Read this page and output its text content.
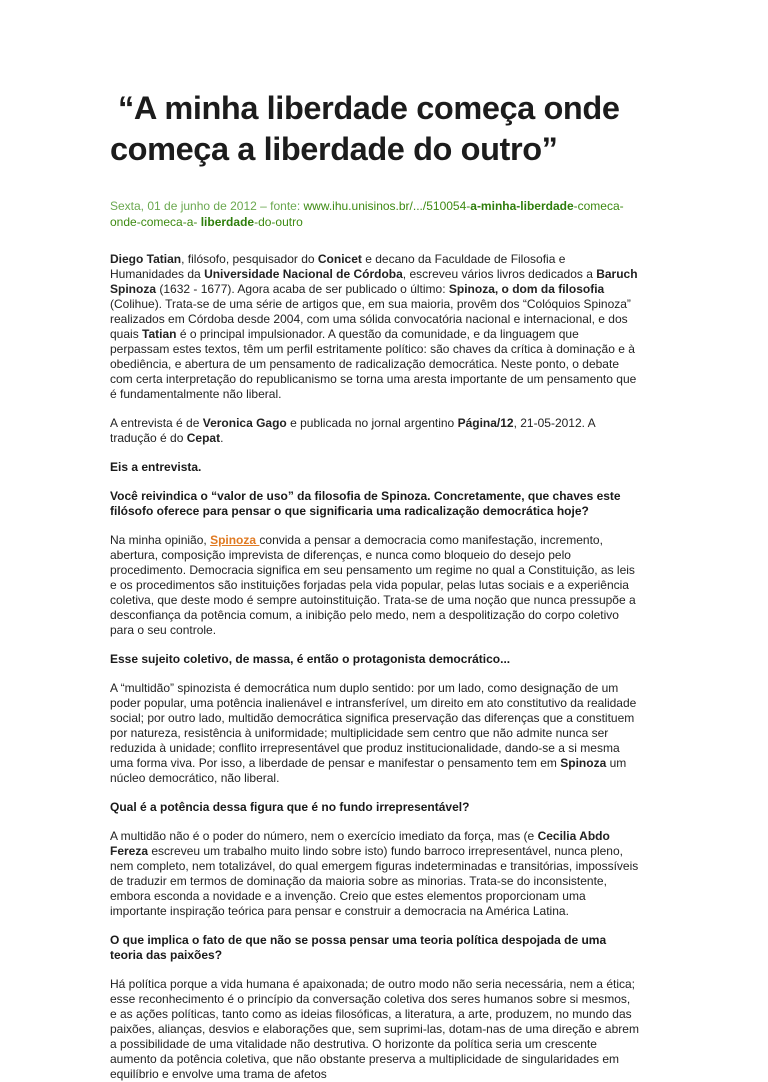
“A minha liberdade começa onde
começa a liberdade do outro”
Sexta, 01 de junho de 2012 – fonte: www.ihu.unisinos.br/.../510054-a-minha-liberdade-comeca-onde-comeca-a- liberdade-do-outro

Diego Tatian, filósofo, pesquisador do Conicet e decano da Faculdade de Filosofia e Humanidades da Universidade Nacional de Córdoba, escreveu vários livros dedicados a Baruch Spinoza (1632 - 1677). Agora acaba de ser publicado o último: Spinoza, o dom da filosofia (Colihue). Trata-se de uma série de artigos que, em sua maioria, provêm dos “Colóquios Spinoza” realizados em Córdoba desde 2004, com uma sólida convocatória nacional e internacional, e dos quais Tatian é o principal impulsionador. A questão da comunidade, e da linguagem que perpassam estes textos, têm um perfil estritamente político: são chaves da crítica à dominação e à obediência, e abertura de um pensamento de radicalização democrática. Neste ponto, o debate com certa interpretação do republicanismo se torna uma aresta importante de um pensamento que é fundamentalmente não liberal.

A entrevista é de Veronica Gago e publicada no jornal argentino Página/12, 21-05-2012. A tradução é do Cepat.

Eis a entrevista.

Você reivindica o “valor de uso” da filosofia de Spinoza. Concretamente, que chaves este filósofo oferece para pensar o que significaria uma radicalização democrática hoje?

Na minha opinião, Spinoza convida a pensar a democracia como manifestação, incremento, abertura, composição imprevista de diferenças, e nunca como bloqueio do desejo pelo procedimento. Democracia significa em seu pensamento um regime no qual a Constituição, as leis e os procedimentos são instituições forjadas pela vida popular, pelas lutas sociais e a experiência coletiva, que deste modo é sempre autoinstituição. Trata-se de uma noção que nunca pressupõe a desconfiança da potência comum, a inibição pelo medo, nem a despolitização do corpo coletivo para o seu controle.

Esse sujeito coletivo, de massa, é então o protagonista democrático...

A “multidão” spinozista é democrática num duplo sentido: por um lado, como designação de um poder popular, uma potência inalienável e intransferível, um direito em ato constitutivo da realidade social; por outro lado, multidão democrática significa preservação das diferenças que a constituem por natureza, resistência à uniformidade; multiplicidade sem centro que não admite nunca ser reduzida à unidade; conflito irrepresentável que produz institucionalidade, dando-se a si mesma uma forma viva. Por isso, a liberdade de pensar e manifestar o pensamento tem em Spinoza um núcleo democrático, não liberal.

Qual é a potência dessa figura que é no fundo irrepresentável?

A multidão não é o poder do número, nem o exercício imediato da força, mas (e Cecilia Abdo Fereza escreveu um trabalho muito lindo sobre isto) fundo barroco irrepresentável, nunca pleno, nem completo, nem totalizável, do qual emergem figuras indeterminadas e transitórias, impossíveis de traduzir em termos de dominação da maioria sobre as minorias. Trata-se do inconsistente, embora esconda a novidade e a invenção. Creio que estes elementos proporcionam uma importante inspiração teórica para pensar e construir a democracia na América Latina.

O que implica o fato de que não se possa pensar uma teoria política despojada de uma teoria das paixões?

Há política porque a vida humana é apaixonada; de outro modo não seria necessária, nem a ética; esse reconhecimento é o princípio da conversação coletiva dos seres humanos sobre si mesmos, e as ações políticas, tanto como as ideias filosóficas, a literatura, a arte, produzem, no mundo das paixões, alianças, desvios e elaborações que, sem suprimi-las, dotam-nas de uma direção e abrem a possibilidade de uma vitalidade não destrutiva. O horizonte da política seria um crescente aumento da potência coletiva, que não obstante preserva a multiplicidade de singularidades em equilíbrio e envolve uma trama de afetos
